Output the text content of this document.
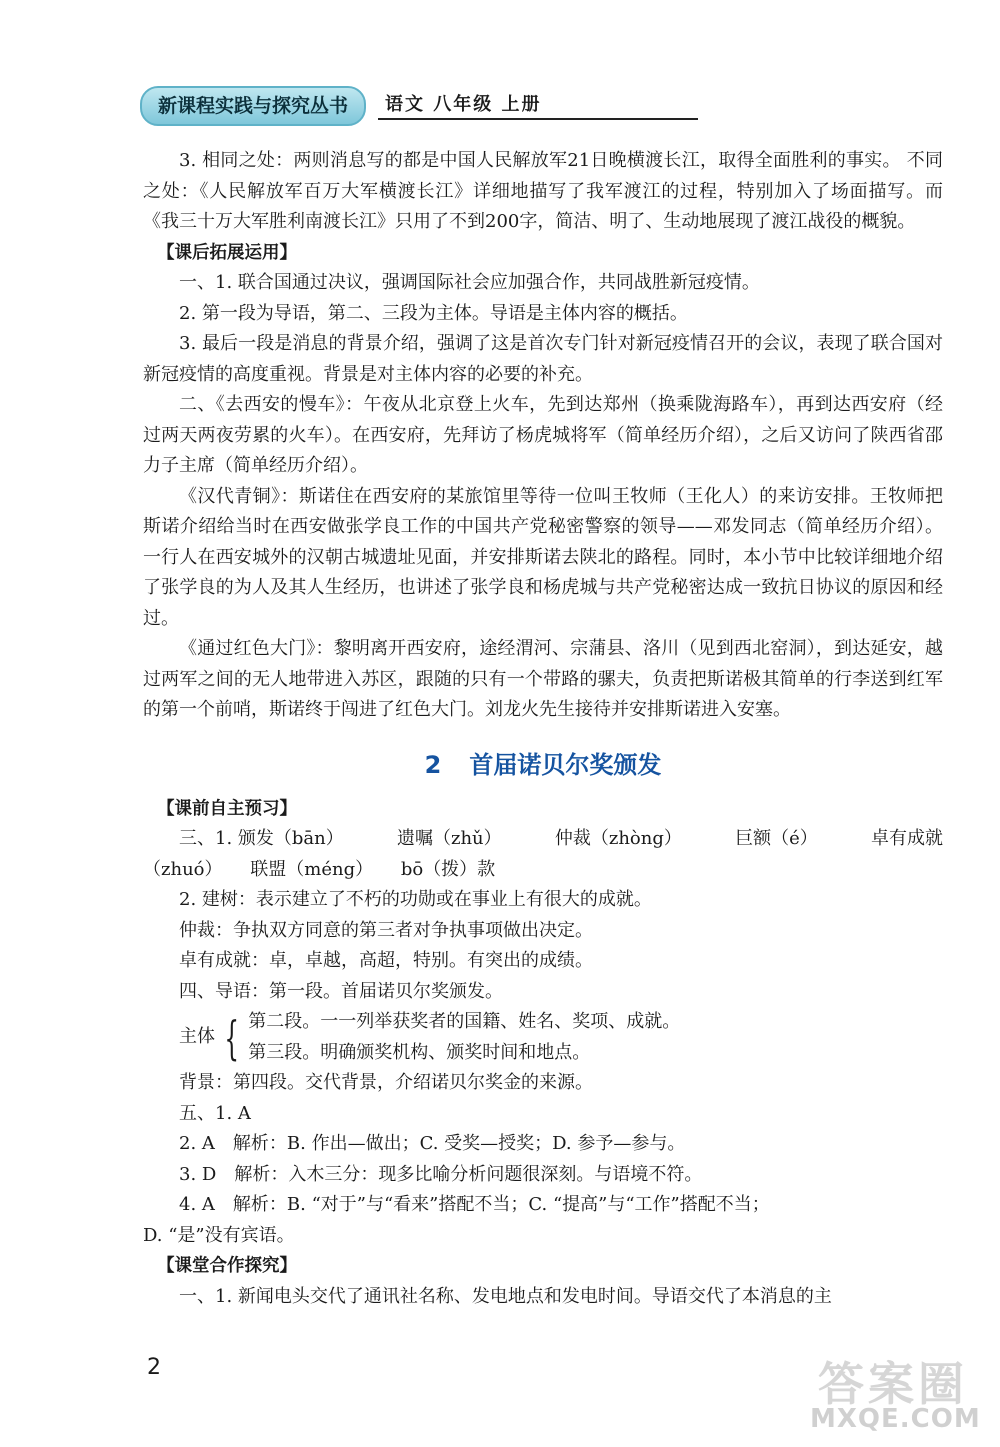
新课程实践与探究丛书	语文 八年级 上册

3. 相同之处：两则消息写的都是中国人民解放军21日晚横渡长江，取得全面胜利的事实。 不同之处：《人民解放军百万大军横渡长江》详细地描写了我军渡江的过程，特别加入了场面描写。而《我三十万大军胜利南渡长江》只用了不到200字，简洁、明了、生动地展现了渡江战役的概貌。

【课后拓展运用】

一、1. 联合国通过决议，强调国际社会应加强合作，共同战胜新冠疫情。

2. 第一段为导语，第二、三段为主体。导语是主体内容的概括。

3. 最后一段是消息的背景介绍，强调了这是首次专门针对新冠疫情召开的会议，表现了联合国对新冠疫情的高度重视。背景是对主体内容的必要的补充。

二、《去西安的慢车》：午夜从北京登上火车，先到达郑州（换乘陇海路车），再到达西安府（经过两天两夜劳累的火车）。在西安府，先拜访了杨虎城将军（简单经历介绍），之后又访问了陕西省邵力子主席（简单经历介绍）。

《汉代青铜》：斯诺住在西安府的某旅馆里等待一位叫王牧师（王化人）的来访安排。王牧师把斯诺介绍给当时在西安做张学良工作的中国共产党秘密警察的领导——邓发同志（简单经历介绍）。一行人在西安城外的汉朝古城遗址见面，并安排斯诺去陕北的路程。同时，本小节中比较详细地介绍了张学良的为人及其人生经历，也讲述了张学良和杨虎城与共产党秘密达成一致抗日协议的原因和经过。

《通过红色大门》：黎明离开西安府，途经渭河、宗蒲县、洛川（见到西北窑洞），到达延安，越过两军之间的无人地带进入苏区，跟随的只有一个带路的骡夫，负责把斯诺极其简单的行李送到红军的第一个前哨，斯诺终于闯进了红色大门。刘龙火先生接待并安排斯诺进入安塞。

2 首届诺贝尔奖颁发

【课前自主预习】

三、1. 颁发（bān）	遗嘱（zhǔ）	仲裁（zhòng）	巨额（é）	卓有成就
（zhuó） 联盟（méng） bō（拨）款

2. 建树：表示建立了不朽的功勋或在事业上有很大的成就。

仲裁：争执双方同意的第三者对争执事项做出决定。

卓有成就：卓，卓越，高超，特别。有突出的成绩。

四、导语：第一段。首届诺贝尔奖颁发。

主体 { 第二段。一一列举获奖者的国籍、姓名、奖项、成就。
第三段。明确颁奖机构、颁奖时间和地点。

背景：第四段。交代背景，介绍诺贝尔奖金的来源。

五、1. A

2. A　解析：B. 作出—做出；C. 受奖—授奖；D. 参予—参与。

3. D　解析：入木三分：现多比喻分析问题很深刻。与语境不符。

4. A　解析：B. “对于”与“看来”搭配不当；C. “提高”与“工作”搭配不当；

D. “是”没有宾语。

【课堂合作探究】

一、1. 新闻电头交代了通讯社名称、发电地点和发电时间。导语交代了本消息的主

2	答案圈
MXQE.COM
